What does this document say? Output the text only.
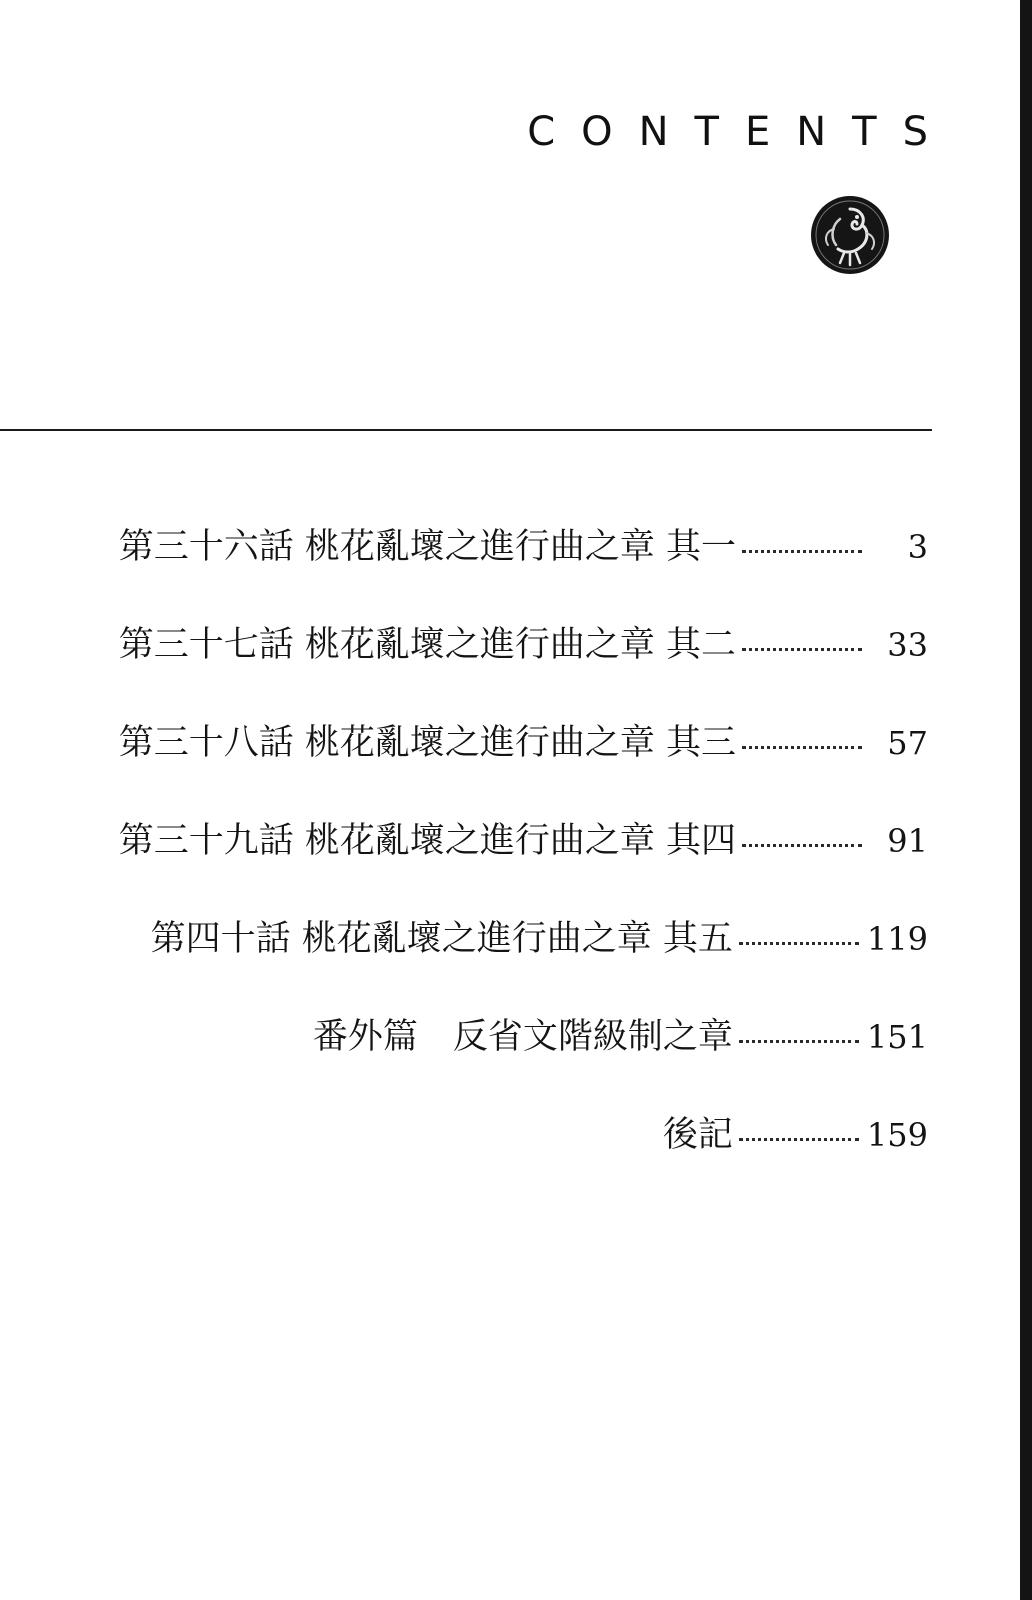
CONTENTS
第三十六話 桃花亂壞之進行曲之章 其一	3
第三十七話 桃花亂壞之進行曲之章 其二	33
第三十八話 桃花亂壞之進行曲之章 其三	57
第三十九話 桃花亂壞之進行曲之章 其四	91
第四十話 桃花亂壞之進行曲之章 其五	119
番外篇　反省文階級制之章	151
後記	159
